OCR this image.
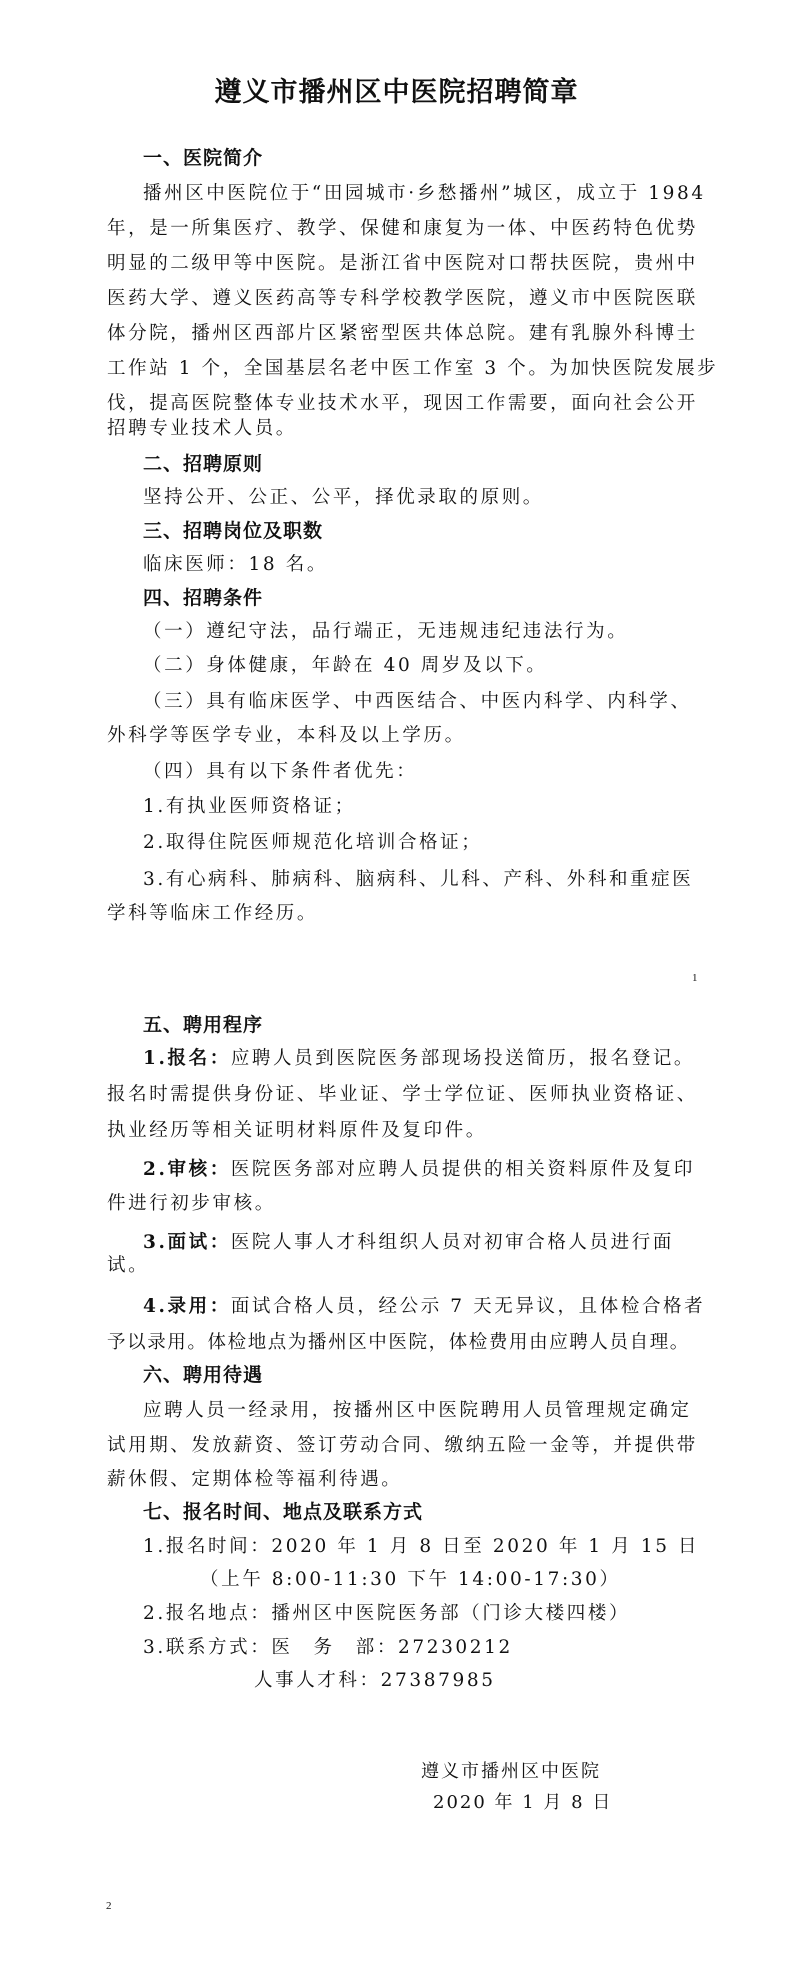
遵义市播州区中医院招聘简章
一、医院简介
播州区中医院位于“田园城市·乡愁播州”城区，成立于 1984
年，是一所集医疗、教学、保健和康复为一体、中医药特色优势
明显的二级甲等中医院。是浙江省中医院对口帮扶医院，贵州中
医药大学、遵义医药高等专科学校教学医院，遵义市中医院医联
体分院，播州区西部片区紧密型医共体总院。建有乳腺外科博士
工作站 1 个，全国基层名老中医工作室 3 个。为加快医院发展步
伐，提高医院整体专业技术水平，现因工作需要，面向社会公开
招聘专业技术人员。
二、招聘原则
坚持公开、公正、公平，择优录取的原则。
三、招聘岗位及职数
临床医师：18 名。
四、招聘条件
（一）遵纪守法，品行端正，无违规违纪违法行为。
（二）身体健康，年龄在 40 周岁及以下。
（三）具有临床医学、中西医结合、中医内科学、内科学、
外科学等医学专业，本科及以上学历。
（四）具有以下条件者优先：
1.有执业医师资格证；
2.取得住院医师规范化培训合格证；
3.有心病科、肺病科、脑病科、儿科、产科、外科和重症医
学科等临床工作经历。
1
五、聘用程序
1.报名：应聘人员到医院医务部现场投送简历，报名登记。
报名时需提供身份证、毕业证、学士学位证、医师执业资格证、
执业经历等相关证明材料原件及复印件。
2.审核：医院医务部对应聘人员提供的相关资料原件及复印
件进行初步审核。
3.面试：医院人事人才科组织人员对初审合格人员进行面
试。
4.录用：面试合格人员，经公示 7 天无异议，且体检合格者
予以录用。体检地点为播州区中医院，体检费用由应聘人员自理。
六、聘用待遇
应聘人员一经录用，按播州区中医院聘用人员管理规定确定
试用期、发放薪资、签订劳动合同、缴纳五险一金等，并提供带
薪休假、定期体检等福利待遇。
七、报名时间、地点及联系方式
1.报名时间：2020 年 1 月 8 日至 2020 年 1 月 15 日
（上午 8:00-11:30 下午 14:00-17:30）
2.报名地点：播州区中医院医务部（门诊大楼四楼）
3.联系方式：医　务　部：27230212
人事人才科：27387985
遵义市播州区中医院
2020 年 1 月 8 日
2
